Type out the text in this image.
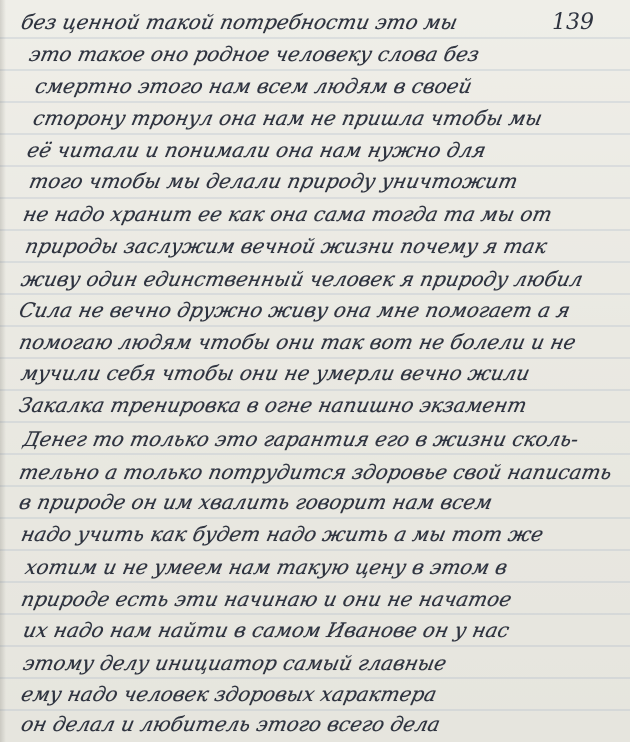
без ценной такой потребности это мы	139
это такое оно родное человеку слова без
смертно этого нам всем людям в своей
сторону тронул она нам не пришла чтобы мы
её читали и понимали она нам нужно для
того чтобы мы делали природу уничтожит
не надо хранит ее как она сама тогда та мы от
природы заслужим вечной жизни почему я так
живу один единственный человек я природу любил
Сила не вечно дружно живу она мне помогает а я
помогаю людям чтобы они так вот не болели и не
мучили себя чтобы они не умерли вечно жили
Закалка тренировка в огне напишно экзамент
Денег то только это гарантия его в жизни сколь-
тельно а только потрудится здоровье свой написать
в природе он им хвалить говорит нам всем
надо учить как будет надо жить а мы тот же
хотим и не умеем нам такую цену в этом в
природе есть эти начинаю и они не начатое
их надо нам найти в самом Иванове он у нас
этому делу инициатор самый главные
ему надо человек здоровых характера
он делал и любитель этого всего дела
